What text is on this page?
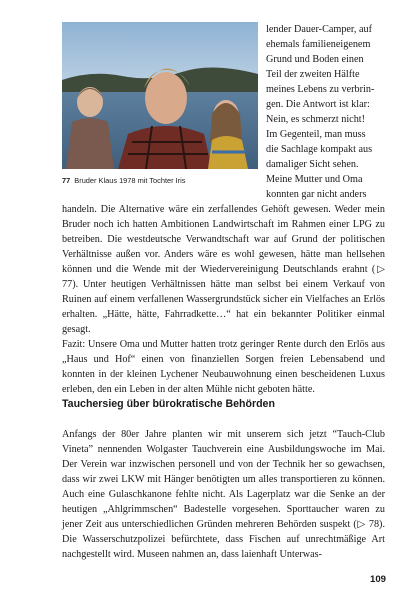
77 Bruder Klaus 1978 mit Tochter Iris
lender Dauer-Camper, auf
ehemals familieneigenem
Grund und Boden einen
Teil der zweiten Hälfte
meines Lebens zu verbrin-
gen. Die Antwort ist klar:
Nein, es schmerzt nicht!
Im Gegenteil, man muss
die Sachlage kompakt aus
damaliger Sicht sehen.
Meine Mutter und Oma
konnten gar nicht anders

handeln. Die Alternative wäre ein zerfallendes Gehöft gewesen. Weder mein Bruder noch ich hatten Ambitionen Landwirtschaft im Rahmen einer LPG zu betreiben. Die westdeutsche Verwandtschaft war auf Grund der politischen Verhältnisse außen vor. Anders wäre es wohl gewesen, hätte man hellsehen können und die Wende mit der Wiedervereinigung Deutschlands erahnt (▷ 77). Unter heutigen Verhältnissen hätte man selbst bei einem Verkauf von Ruinen auf einem verfallenen Wassergrundstück sicher ein Vielfaches an Erlös erhalten. „Hätte, hätte, Fahrradkette…“ hat ein bekannter Politiker einmal gesagt.

Fazit: Unsere Oma und Mutter hatten trotz geringer Rente durch den Erlös aus „Haus und Hof“ einen von finanziellen Sorgen freien Lebensabend und konnten in der kleinen Lychener Neubauwohnung einen bescheidenen Luxus erleben, den ein Leben in der alten Mühle nicht geboten hätte.

Tauchersieg über bürokratische Behörden

Anfangs der 80er Jahre planten wir mit unserem sich jetzt “Tauch-Club Vineta” nennenden Wolgaster Tauchverein eine Ausbildungswoche im Mai. Der Verein war inzwischen personell und von der Technik her so gewachsen, dass wir zwei LKW mit Hänger benötigten um alles transportieren zu können. Auch eine Gulaschkanone fehlte nicht. Als Lagerplatz war die Senke an der heutigen „Ahlgrimmschen“ Badestelle vorgesehen. Sporttaucher waren zu jener Zeit aus unterschiedlichen Gründen mehreren Behörden suspekt (▷ 78). Die Wasserschutzpolizei befürchtete, dass Fischen auf unrechtmäßige Art nachgestellt wird. Museen nahmen an, dass laienhaft Unterwas-

109
